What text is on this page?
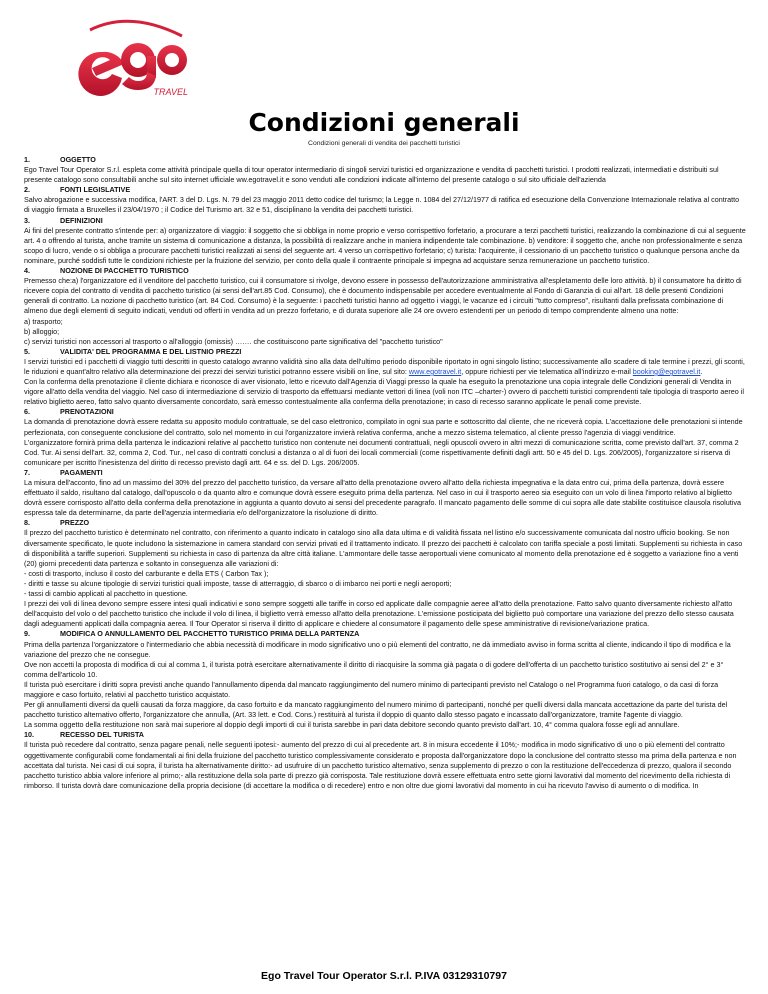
TRAVEL
Condizioni generali
Condizioni generali di vendita dei pacchetti turistici

1.	OGGETTO

Ego Travel Tour Operator S.r.l. espleta come attività principale quella di tour operator intermediario di singoli servizi turistici ed organizzazione e vendita di pacchetti turistici. I prodotti realizzati, intermediati e distribuiti sul presente catalogo sono consultabili anche sul sito internet ufficiale ww.egotravel.it e sono venduti alle condizioni indicate all'interno del presente catalogo o sul sito ufficiale dell'azienda

2.	FONTI LEGISLATIVE

Salvo abrogazione e successiva modifica, l'ART. 3 del D. Lgs. N. 79 del 23 maggio 2011 detto codice del turismo; la Legge n. 1084 del 27/12/1977 di ratifica ed esecuzione della Convenzione Internazionale relativa al contratto di viaggio firmata a Bruxelles il 23/04/1970 ; il Codice del Turismo art. 32 e 51, disciplinano la vendita dei pacchetti turistici.

3.	DEFINIZIONI

Ai fini del presente contratto s'intende per: a) organizzatore di viaggio: il soggetto che si obbliga in nome proprio e verso corrispettivo forfetario, a procurare a terzi pacchetti turistici, realizzando la combinazione di cui al seguente art. 4 o offrendo al turista, anche tramite un sistema di comunicazione a distanza, la possibilità di realizzare anche in maniera indipendente tale combinazione. b) venditore: il soggetto che, anche non professionalmente e senza scopo di lucro, vende o si obbliga a procurare pacchetti turistici realizzati ai sensi del seguente art. 4 verso un corrispettivo forfetario; c) turista: l'acquirente, il cessionario di un pacchetto turistico o qualunque persona anche da nominare, purché soddisfi tutte le condizioni richieste per la fruizione del servizio, per conto della quale il contraente principale si impegna ad acquistare senza remunerazione un pacchetto turistico.

4.	NOZIONE DI PACCHETTO TURISTICO

Premesso che:a) l'organizzatore ed il venditore del pacchetto turistico, cui il consumatore si rivolge, devono essere in possesso dell'autorizzazione amministrativa all'espletamento delle loro attività. b) il consumatore ha diritto di ricevere copia del contratto di vendita di pacchetto turistico (ai sensi dell'art.85 Cod. Consumo), che è documento indispensabile per accedere eventualmente al Fondo di Garanzia di cui all'art. 18 delle presenti Condizioni generali di contratto. La nozione di pacchetto turistico (art. 84 Cod. Consumo) è la seguente: i pacchetti turistici hanno ad oggetto i viaggi, le vacanze ed i circuiti "tutto compreso", risultanti dalla prefissata combinazione di almeno due degli elementi di seguito indicati, venduti od offerti in vendita ad un prezzo forfetario, e di durata superiore alle 24 ore ovvero estendenti per un periodo di tempo comprendente almeno una notte:

a) trasporto;

b) alloggio;

c) servizi turistici non accessori al trasporto o all'alloggio (omissis) ……. che costituiscono parte significativa del "pacchetto turistico"

5.	VALIDITA' DEL PROGRAMMA E DEL LISTNIO PREZZI

I servizi turistici ed i pacchetti di viaggio tutti descritti in questo catalogo avranno validità sino alla data dell'ultimo periodo disponibile riportato in ogni singolo listino; successivamente allo scadere di tale termine i prezzi, gli sconti, le riduzioni e quant'altro relativo alla determinazione dei prezzi dei servizi turistici potranno essere visibili on line, sul sito: www.egotravel.it, oppure richiesti per vie telematica all'indirizzo e-mail booking@egotravel.it.

Con la conferma della prenotazione il cliente dichiara e riconosce di aver visionato, letto e ricevuto dall'Agenzia di Viaggi presso la quale ha eseguito la prenotazione una copia integrale delle Condizioni generali di Vendita in vigore all'atto della vendita del viaggio. Nel caso di intermediazione di servizio di trasporto da effettuarsi mediante vettori di linea (voli non ITC –charter-) ovvero di pacchetti turistici comprendenti tale tipologia di trasporto aereo il relativo biglietto aereo, fatto salvo quanto diversamente concordato, sarà emesso contestualmente alla conferma della prenotazione; in caso di recesso saranno applicate le penali come previste.

6.	PRENOTAZIONI

La domanda di prenotazione dovrà essere redatta su apposito modulo contrattuale, se del caso elettronico, compilato in ogni sua parte e sottoscritto dal cliente, che ne riceverà copia. L'accettazione delle prenotazioni si intende perfezionata, con conseguente conclusione del contratto, solo nel momento in cui l'organizzatore invierà relativa conferma, anche a mezzo sistema telematico, al cliente presso l'agenzia di viaggi venditrice.

L'organizzatore fornirà prima della partenza le indicazioni relative al pacchetto turistico non contenute nei documenti contrattuali, negli opuscoli ovvero in altri mezzi di comunicazione scritta, come previsto dall'art. 37, comma 2 Cod. Tur. Ai sensi dell'art. 32, comma 2, Cod. Tur., nel caso di contratti conclusi a distanza o al di fuori dei locali commerciali (come rispettivamente definiti dagli artt. 50 e 45 del D. Lgs. 206/2005), l'organizzatore si riserva di comunicare per iscritto l'inesistenza del diritto di recesso previsto dagli artt. 64 e ss. del D. Lgs. 206/2005.

7.	PAGAMENTI

La misura dell'acconto, fino ad un massimo del 30% del prezzo del pacchetto turistico, da versare all'atto della prenotazione ovvero all'atto della richiesta impegnativa e la data entro cui, prima della partenza, dovrà essere effettuato il saldo, risultano dal catalogo, dall'opuscolo o da quanto altro e comunque dovrà essere eseguito prima della partenza. Nel caso in cui il trasporto aereo sia eseguito con un volo di linea l'importo relativo al biglietto dovrà essere corrisposto all'atto della conferma della prenotazione in aggiunta a quanto dovuto ai sensi del precedente paragrafo. Il mancato pagamento delle somme di cui sopra alle date stabilite costituisce clausola risolutiva espressa tale da determinarne, da parte dell'agenzia intermediaria e/o dell'organizzatore la risoluzione di diritto.

8.	PREZZO

Il prezzo del pacchetto turistico è determinato nel contratto, con riferimento a quanto indicato in catalogo sino alla data ultima e di validità fissata nel listino e/o successivamente comunicata dal nostro ufficio booking. Se non diversamente specificato, le quote includono la sistemazione in camera standard con servizi privati ed il trattamento indicato. Il prezzo dei pacchetti è calcolato con tariffa speciale a posti limitati. Supplementi su richiesta in caso di disponibilità a tariffe superiori. Supplementi su richiesta in caso di partenza da altre città italiane. L'ammontare delle tasse aeroportuali viene comunicato al momento della prenotazione ed è soggetto a variazione fino a venti (20) giorni precedenti data partenza e soltanto in conseguenza alle variazioni di:

- costi di trasporto, incluso il costo del carburante e della ETS ( Carbon Tax );

- diritti e tasse su alcune tipologie di servizi turistici quali imposte, tasse di atterraggio, di sbarco o di imbarco nei porti e negli aeroporti;

- tassi di cambio applicati al pacchetto in questione.

I prezzi dei voli di linea devono sempre essere intesi quali indicativi e sono sempre soggetti alle tariffe in corso ed applicate dalle compagnie aeree all'atto della prenotazione. Fatto salvo quanto diversamente richiesto all'atto dell'acquisto del volo o del pacchetto turistico che include il volo di linea, il biglietto verrà emesso all'atto della prenotazione. L'emissione posticipata del biglietto può comportare una variazione del prezzo dello stesso causata dagli adeguamenti applicati dalla compagnia aerea. Il Tour Operator si riserva il diritto di applicare e chiedere al consumatore il pagamento delle spese amministrative di revisione/variazione pratica.

9.	MODIFICA O ANNULLAMENTO DEL PACCHETTO TURISTICO PRIMA DELLA PARTENZA

Prima della partenza l'organizzatore o l'intermediario che abbia necessità di modificare in modo significativo uno o più elementi del contratto, ne dà immediato avviso in forma scritta al cliente, indicando il tipo di modifica e la variazione del prezzo che ne consegue.

Ove non accetti la proposta di modifica di cui al comma 1, il turista potrà esercitare alternativamente il diritto di riacquisire la somma già pagata o di godere dell'offerta di un pacchetto turistico sostitutivo ai sensi del 2° e 3° comma dell'articolo 10.

Il turista può esercitare i diritti sopra previsti anche quando l'annullamento dipenda dal mancato raggiungimento del numero minimo di partecipanti previsto nel Catalogo o nel Programma fuori catalogo, o da casi di forza maggiore e caso fortuito, relativi al pacchetto turistico acquistato.

Per gli annullamenti diversi da quelli causati da forza maggiore, da caso fortuito e da mancato raggiungimento del numero minimo di partecipanti, nonché per quelli diversi dalla mancata accettazione da parte del turista del pacchetto turistico alternativo offerto, l'organizzatore che annulla, (Art. 33 lett. e Cod. Cons.) restituirà al turista il doppio di quanto dallo stesso pagato e incassato dall'organizzatore, tramite l'agente di viaggio.

La somma oggetto della restituzione non sarà mai superiore al doppio degli importi di cui il turista sarebbe in pari data debitore secondo quanto previsto dall'art. 10, 4° comma qualora fosse egli ad annullare.

10.	RECESSO DEL TURISTA

Il turista può recedere dal contratto, senza pagare penali, nelle seguenti ipotesi:- aumento del prezzo di cui al precedente art. 8 in misura eccedente il 10%;- modifica in modo significativo di uno o più elementi del contratto oggettivamente configurabili come fondamentali ai fini della fruizione del pacchetto turistico complessivamente considerato e proposta dall'organizzatore dopo la conclusione del contratto stesso ma prima della partenza e non accettata dal turista. Nei casi di cui sopra, il turista ha alternativamente diritto:- ad usufruire di un pacchetto turistico alternativo, senza supplemento di prezzo o con la restituzione dell'eccedenza di prezzo, qualora il secondo pacchetto turistico abbia valore inferiore al primo;- alla restituzione della sola parte di prezzo già corrisposta. Tale restituzione dovrà essere effettuata entro sette giorni lavorativi dal momento del ricevimento della richiesta di rimborso. Il turista dovrà dare comunicazione della propria decisione (di accettare la modifica o di recedere) entro e non oltre due giorni lavorativi dal momento in cui ha ricevuto l'avviso di aumento o di modifica. In

Ego Travel Tour Operator S.r.l. P.IVA 03129310797
